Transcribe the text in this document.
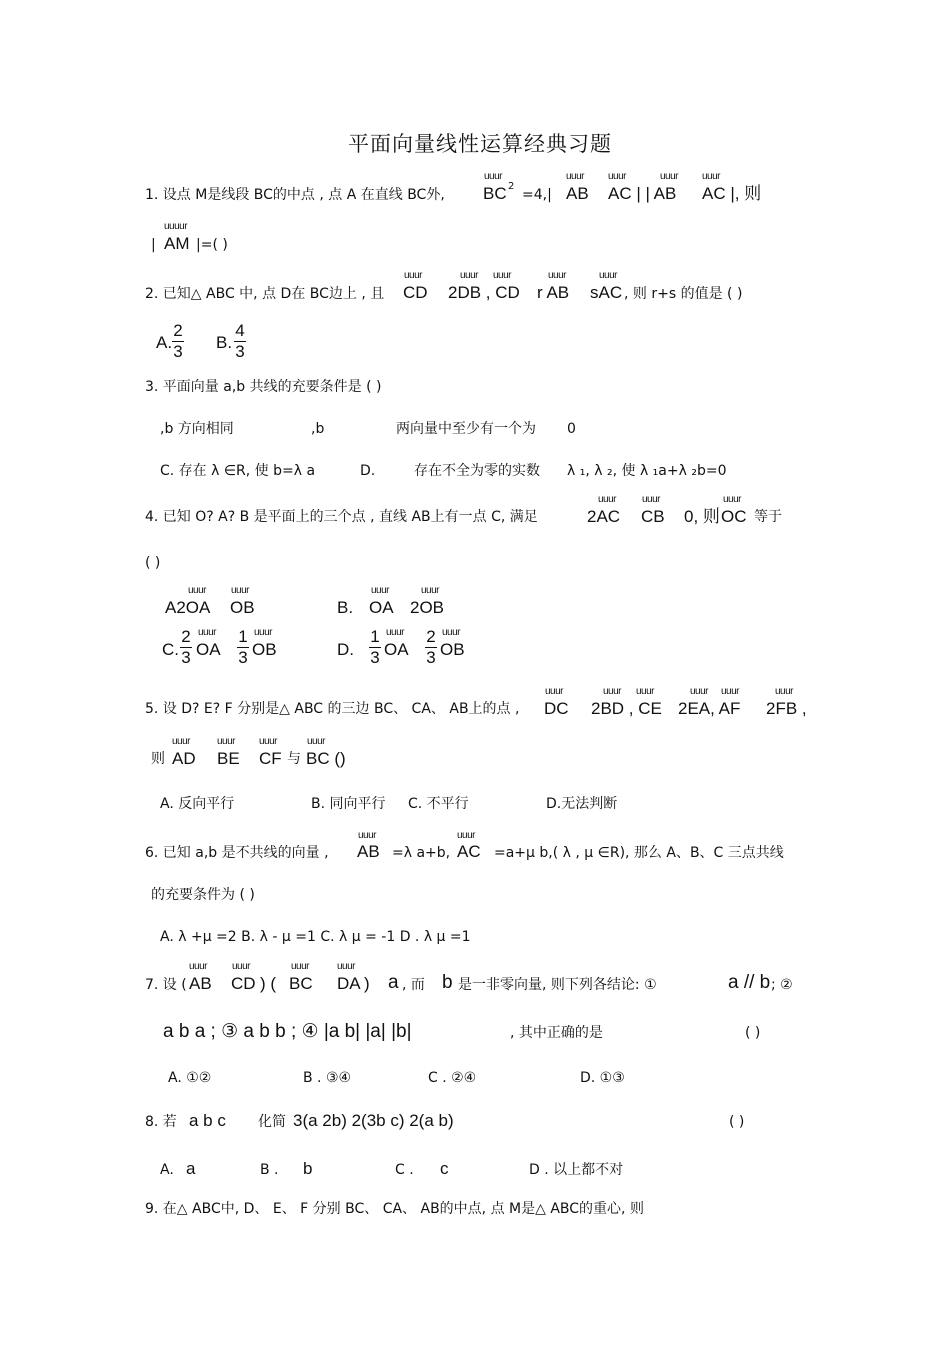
平面向量线性运算经典习题
1. 设点 M是线段 BC的中点 , 点 A 在直线 BC外,
uuur
BC 2
=4,|
uuur
AB
uuur	uuur
AC | | AB
uuur
AC |, 则
|
uuuur
AM |=( )
2. 已知△ ABC 中, 点 D在 BC边上 , 且
uuur
CD
uuur uuur
2DB , CD
uuur
r AB
uuur
sAC , 则 r+s 的值是 ( )
A.
2
3 B.
4
3
3. 平面向量 a,b 共线的充要条件是 ( )
,b 方向相同	,b	两向量中至少有一个为 0
C. 存在 λ ∈R, 使 b=λ a	D.	存在不全为零的实数 λ ₁, λ ₂, 使 λ ₁a+λ ₂b=0
4. 已知 O? A? B 是平面上的三个点 , 直线 AB上有一点 C, 满足
uuur
2AC
uuur
CB 0, 则
uuur
OC 等于
( )
uuur
A2OA
uuur
OB	B.
uuur
OA
uuur
2OB
C.
2
3
uuur
OA
1
3
uuur
OB	D.
1
3
uuur
OA
2
3
uuur
OB
5. 设 D? E? F 分别是△ ABC 的三边 BC、 CA、 AB上的点 ,
uuur
DC
uuur uuur
2BD , CE
uuur uuur
2EA, AF
uuur
2FB ,
则
uuur
AD
uuur
BE
uuur
CF 与
uuur
BC ()
A. 反向平行	B. 同向平行 C. 不平行	D.无法判断
6. 已知 a,b 是不共线的向量 ,
uuur
AB =λ a+b,
uuur
AC =a+μ b,( λ , μ ∈R), 那么 A、B、C 三点共线
的充要条件为 ( )
A. λ +μ =2 B. λ - μ =1 C. λ μ = -1 D . λ μ =1
7. 设 (
uuur
AB
uuur
CD ) (
uuur
BC
uuur
DA ) a , 而 b 是一非零向量, 则下列各结论: ①	a // b ; ②
a b a ; ③ a b b ; ④ |a b| |a| |b|	, 其中正确的是	( )
A. ①②	B . ③④	C . ②④	D. ①③
8. 若 a b c 化简 3(a 2b) 2(3b c) 2(a b)	( )
A. a	B . b	C . c	D . 以上都不对
9. 在△ ABC中, D、 E、 F 分别 BC、 CA、 AB的中点, 点 M是△ ABC的重心, 则
